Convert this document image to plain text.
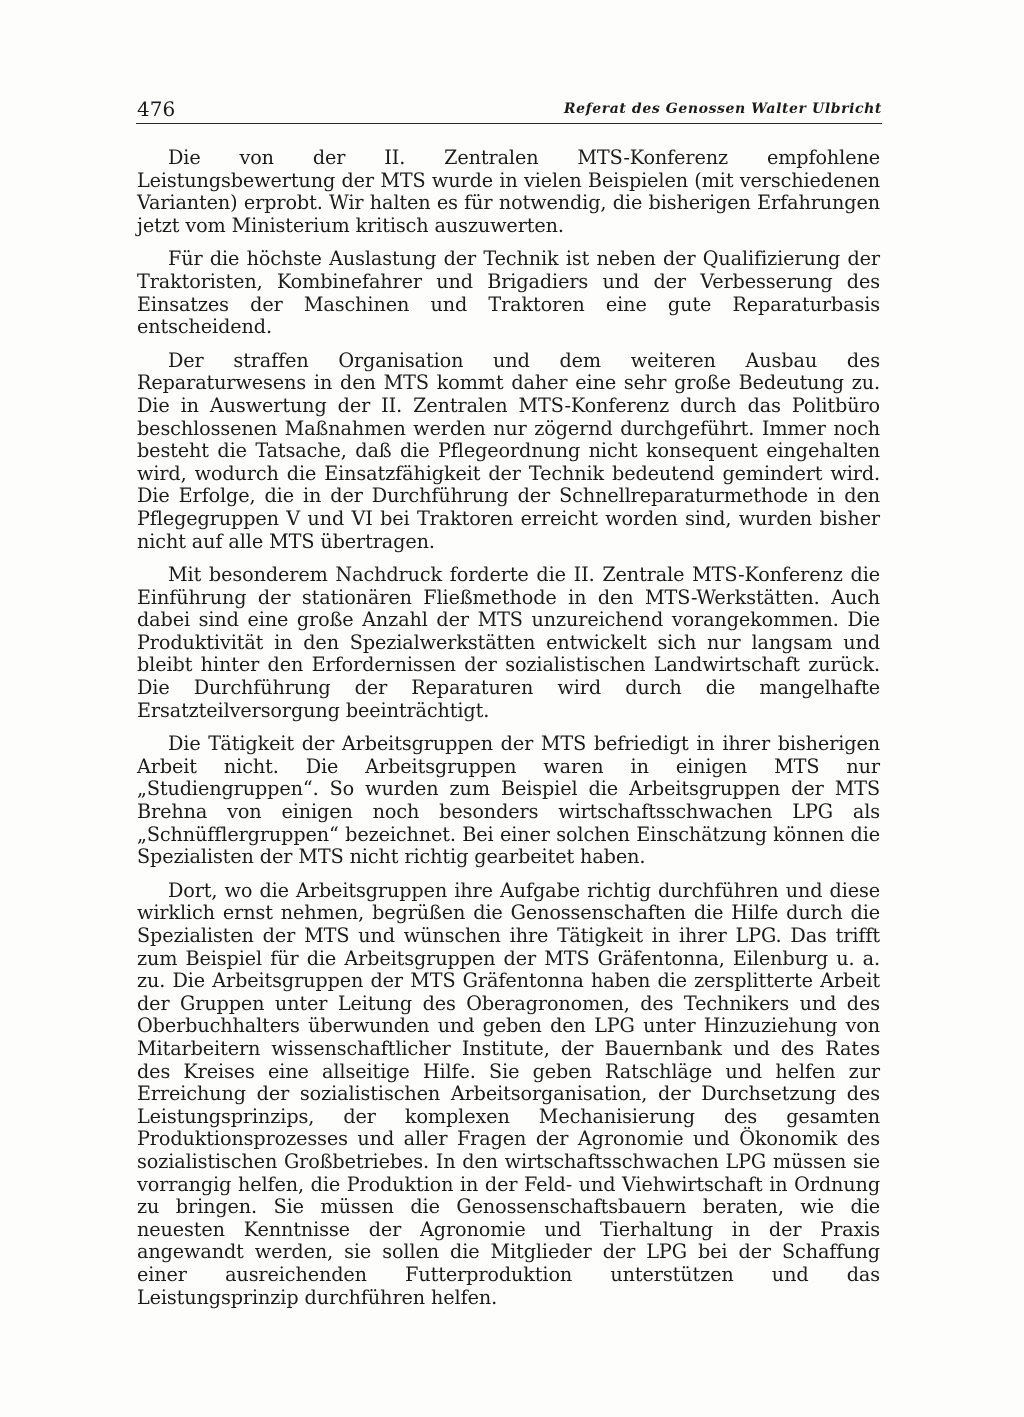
476	Referat des Genossen Walter Ulbricht

Die von der II. Zentralen MTS-Konferenz empfohlene Leistungsbewertung der MTS wurde in vielen Beispielen (mit verschiedenen Varianten) erprobt. Wir halten es für notwendig, die bisherigen Erfahrungen jetzt vom Ministerium kritisch auszuwerten.

Für die höchste Auslastung der Technik ist neben der Qualifizierung der Traktoristen, Kombinefahrer und Brigadiers und der Verbesserung des Einsatzes der Maschinen und Traktoren eine gute Reparaturbasis entscheidend.

Der straffen Organisation und dem weiteren Ausbau des Reparaturwesens in den MTS kommt daher eine sehr große Bedeutung zu. Die in Auswertung der II. Zentralen MTS-Konferenz durch das Politbüro beschlossenen Maßnahmen werden nur zögernd durchgeführt. Immer noch besteht die Tatsache, daß die Pflegeordnung nicht konsequent eingehalten wird, wodurch die Einsatzfähigkeit der Technik bedeutend gemindert wird. Die Erfolge, die in der Durchführung der Schnellreparaturmethode in den Pflegegruppen V und VI bei Traktoren erreicht worden sind, wurden bisher nicht auf alle MTS übertragen.

Mit besonderem Nachdruck forderte die II. Zentrale MTS-Konferenz die Einführung der stationären Fließmethode in den MTS-Werkstätten. Auch dabei sind eine große Anzahl der MTS unzureichend vorangekommen. Die Produktivität in den Spezialwerkstätten entwickelt sich nur langsam und bleibt hinter den Erfordernissen der sozialistischen Landwirtschaft zurück. Die Durchführung der Reparaturen wird durch die mangelhafte Ersatzteilversorgung beeinträchtigt.

Die Tätigkeit der Arbeitsgruppen der MTS befriedigt in ihrer bisherigen Arbeit nicht. Die Arbeitsgruppen waren in einigen MTS nur „Studiengruppen“. So wurden zum Beispiel die Arbeitsgruppen der MTS Brehna von einigen noch besonders wirtschaftsschwachen LPG als „Schnüfflergruppen“ bezeichnet. Bei einer solchen Einschätzung können die Spezialisten der MTS nicht richtig gearbeitet haben.

Dort, wo die Arbeitsgruppen ihre Aufgabe richtig durchführen und diese wirklich ernst nehmen, begrüßen die Genossenschaften die Hilfe durch die Spezialisten der MTS und wünschen ihre Tätigkeit in ihrer LPG. Das trifft zum Beispiel für die Arbeitsgruppen der MTS Gräfentonna, Eilenburg u. a. zu. Die Arbeitsgruppen der MTS Gräfentonna haben die zersplitterte Arbeit der Gruppen unter Leitung des Oberagronomen, des Technikers und des Oberbuchhalters überwunden und geben den LPG unter Hinzuziehung von Mitarbeitern wissenschaftlicher Institute, der Bauernbank und des Rates des Kreises eine allseitige Hilfe. Sie geben Ratschläge und helfen zur Erreichung der sozialistischen Arbeitsorganisation, der Durchsetzung des Leistungsprinzips, der komplexen Mechanisierung des gesamten Produktionsprozesses und aller Fragen der Agronomie und Ökonomik des sozialistischen Großbetriebes. In den wirtschaftsschwachen LPG müssen sie vorrangig helfen, die Produktion in der Feld- und Viehwirtschaft in Ordnung zu bringen. Sie müssen die Genossenschaftsbauern beraten, wie die neuesten Kenntnisse der Agronomie und Tierhaltung in der Praxis angewandt werden, sie sollen die Mitglieder der LPG bei der Schaffung einer ausreichenden Futterproduktion unterstützen und das Leistungsprinzip durchführen helfen.
